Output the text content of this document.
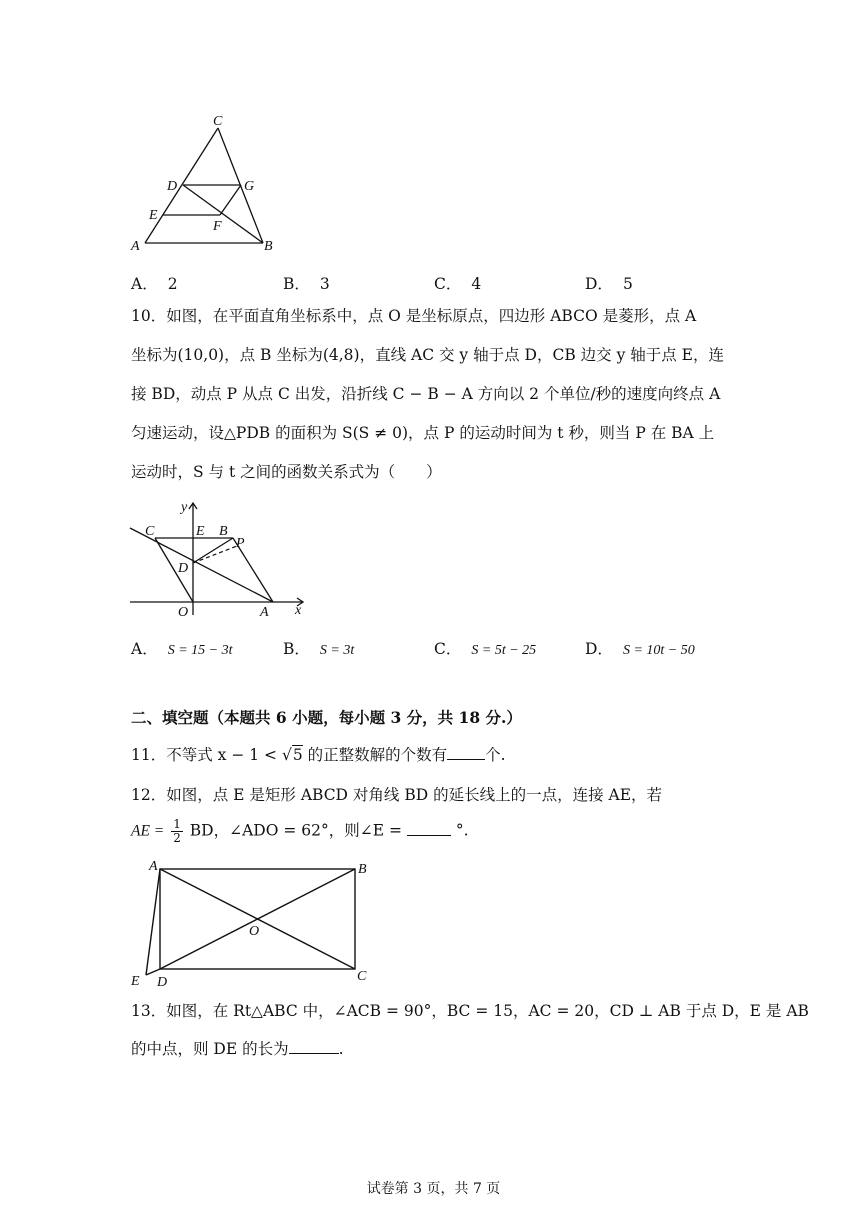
C
D	G
E
F
A	B
A． 2	B． 3	C． 4	D． 5
10．如图，在平面直角坐标系中，点 O 是坐标原点，四边形 ABCO 是菱形，点 A
坐标为(10,0)，点 B 坐标为(4,8)，直线 AC 交 y 轴于点 D，CB 边交 y 轴于点 E，连
接 BD，动点 P 从点 C 出发，沿折线 C − B − A 方向以 2 个单位/秒的速度向终点 A
匀速运动，设△PDB 的面积为 S(S ≠ 0)，点 P 的运动时间为 t 秒，则当 P 在 BA 上
运动时，S 与 t 之间的函数关系式为（　　）
y
x
C	E B
P
D
O	A
A． S = 15 − 3t	B． S = 3t	C． S = 5t − 25	D． S = 10t − 50
二、填空题（本题共 6 小题，每小题 3 分，共 18 分.）
11．不等式 x − 1 < √5 的正整数解的个数有 个.
12．如图，点 E 是矩形 ABCD 对角线 BD 的延长线上的一点，连接 AE，若
AE = $\frac{1}{2}$ BD，∠ADO = 62°，则∠E =	°.
A	B
O
E D	C
13．如图，在 Rt△ABC 中，∠ACB = 90°，BC = 15，AC = 20，CD ⊥ AB 于点 D，E 是 AB
的中点，则 DE 的长为	.
试卷第 3 页，共 7 页
